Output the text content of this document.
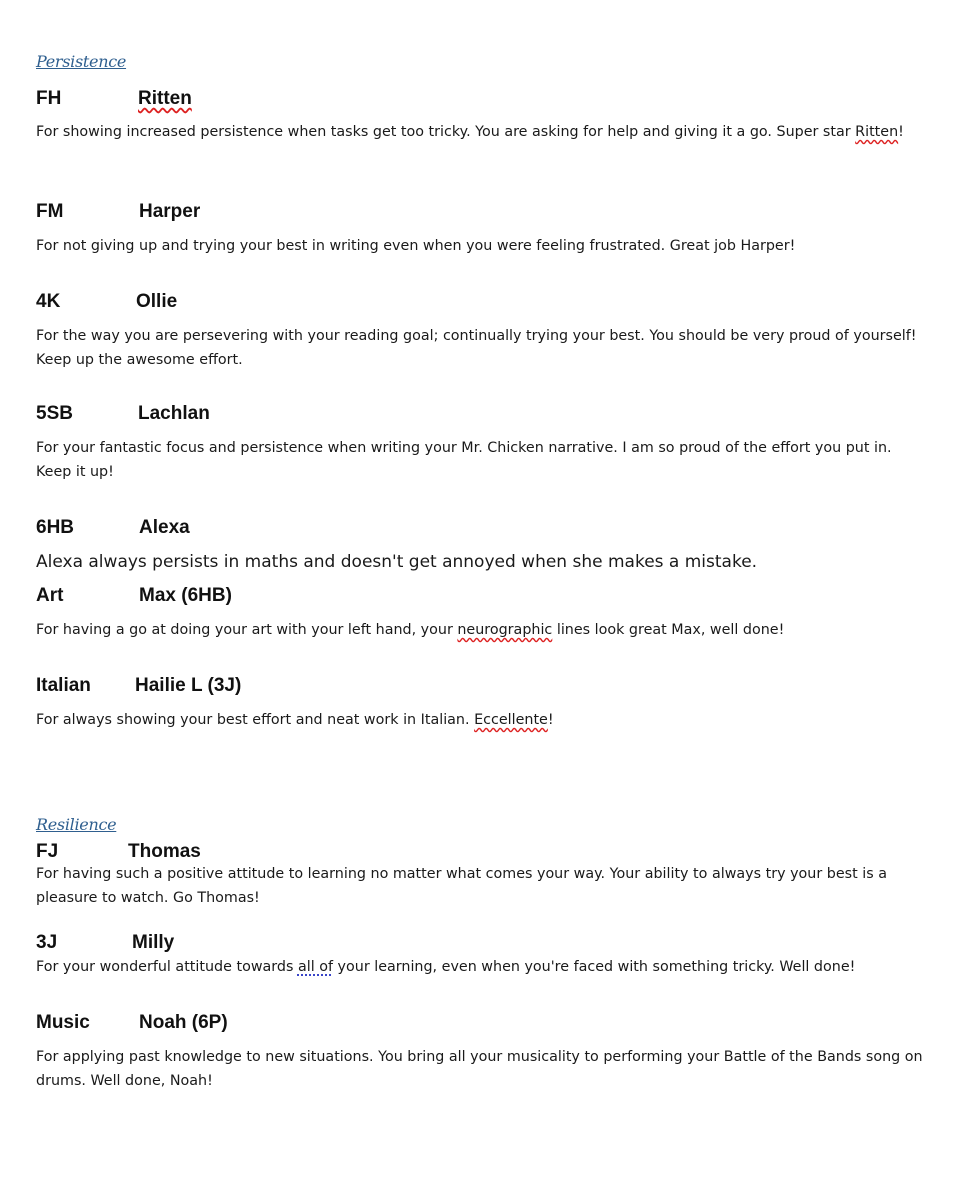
Persistence
FH	Ritten
For showing increased persistence when tasks get too tricky. You are asking for help and giving it a go. Super star Ritten!
FM	Harper
For not giving up and trying your best in writing even when you were feeling frustrated. Great job Harper!
4K	Ollie
For the way you are persevering with your reading goal; continually trying your best. You should be very proud of yourself! Keep up the awesome effort.
5SB	Lachlan
For your fantastic focus and persistence when writing your Mr. Chicken narrative. I am so proud of the effort you put in. Keep it up!
6HB	Alexa
Alexa always persists in maths and doesn't get annoyed when she makes a mistake.
Art	Max (6HB)
For having a go at doing your art with your left hand, your neurographic lines look great Max, well done!
Italian Hailie L (3J)
For always showing your best effort and neat work in Italian. Eccellente!
Resilience
FJ	Thomas
For having such a positive attitude to learning no matter what comes your way. Your ability to always try your best is a pleasure to watch. Go Thomas!
3J	Milly
For your wonderful attitude towards all of your learning, even when you're faced with something tricky. Well done!
Music	Noah (6P)
For applying past knowledge to new situations. You bring all your musicality to performing your Battle of the Bands song on drums. Well done, Noah!
